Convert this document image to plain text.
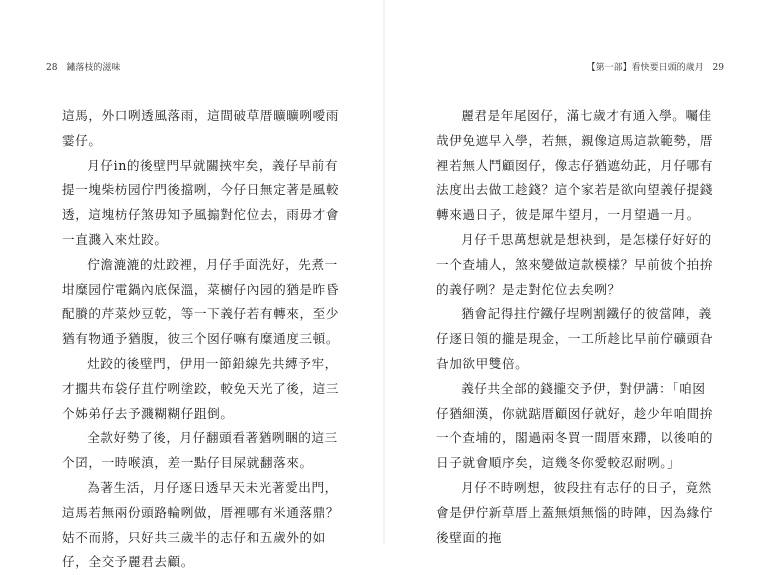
28 鏽落枝的滋味

這馬，外口咧透風落雨，這間破草厝曠曠咧噯雨霎仔。

月仔in的後壁門早就關挾牢矣，義仔早前有提一塊柴枋园佇門後擋咧，今仔日無定著是風較透，這塊枋仔煞毋知予風搧對佗位去，雨毋才會一直濺入來灶跤。

佇澹漉漉的灶跤裡，月仔手面洗好，先煮一坩糜园佇電鍋內底保溫，菜櫥仔內园的猶是昨昏配賸的芹菜炒豆乾，等一下義仔若有轉來，至少猶有物通予猶腹，彼三个囡仔嘛有糜通度三頓。

灶跤的後壁門，伊用一節鉛線先共縛予牢，才擱共布袋仔苴佇咧塗跤，較免天光了後，這三个姊弟仔去予濺糊糊仔跙倒。

全款好勢了後，月仔翻頭看著猶咧睏的這三个囝，一時喉滇，差一點仔目屎就翻落來。

為著生活，月仔逐日透早天未光著愛出門，這馬若無兩份頭路輪咧做，厝裡哪有米通落鼎？姑不而將，只好共三歲半的志仔和五歲外的如仔，全交予麗君去顧。

【第一部】看快要日頭的歲月 29

麗君是年尾囡仔，滿七歲才有通入學。囑佳哉伊免遮早入學，若無，親像這馬這款範勢，厝裡若無人鬥顧囡仔，像志仔猶遮幼茈，月仔哪有法度出去做工趁錢？這个家若是欲向望義仔提錢轉來過日子，彼是犀牛望月，一月望過一月。

月仔千思萬想就是想袂到，是怎樣仔好好的一个查埔人，煞來變做這款模樣？早前彼个拍拚的義仔咧？是走對佗位去矣咧？

猶會記得拄佇鐵仔埕咧割鐵仔的彼當陣，義仔逐日領的攏是現金，一工所趁比早前佇礦頭旮旮加欲甲雙倍。

義仔共全部的錢攏交予伊，對伊講：「咱囡仔猶細漢，你就踮厝顧囡仔就好，趁少年咱間拚一个查埔的，閣過兩冬買一間厝來蹛，以後咱的日子就會順序矣，這幾冬你愛較忍耐咧。」

月仔不時咧想，彼段拄有志仔的日子，竟然會是伊佇新草厝上蓋無煩無惱的時陣，因為緣佇後壁面的拖
